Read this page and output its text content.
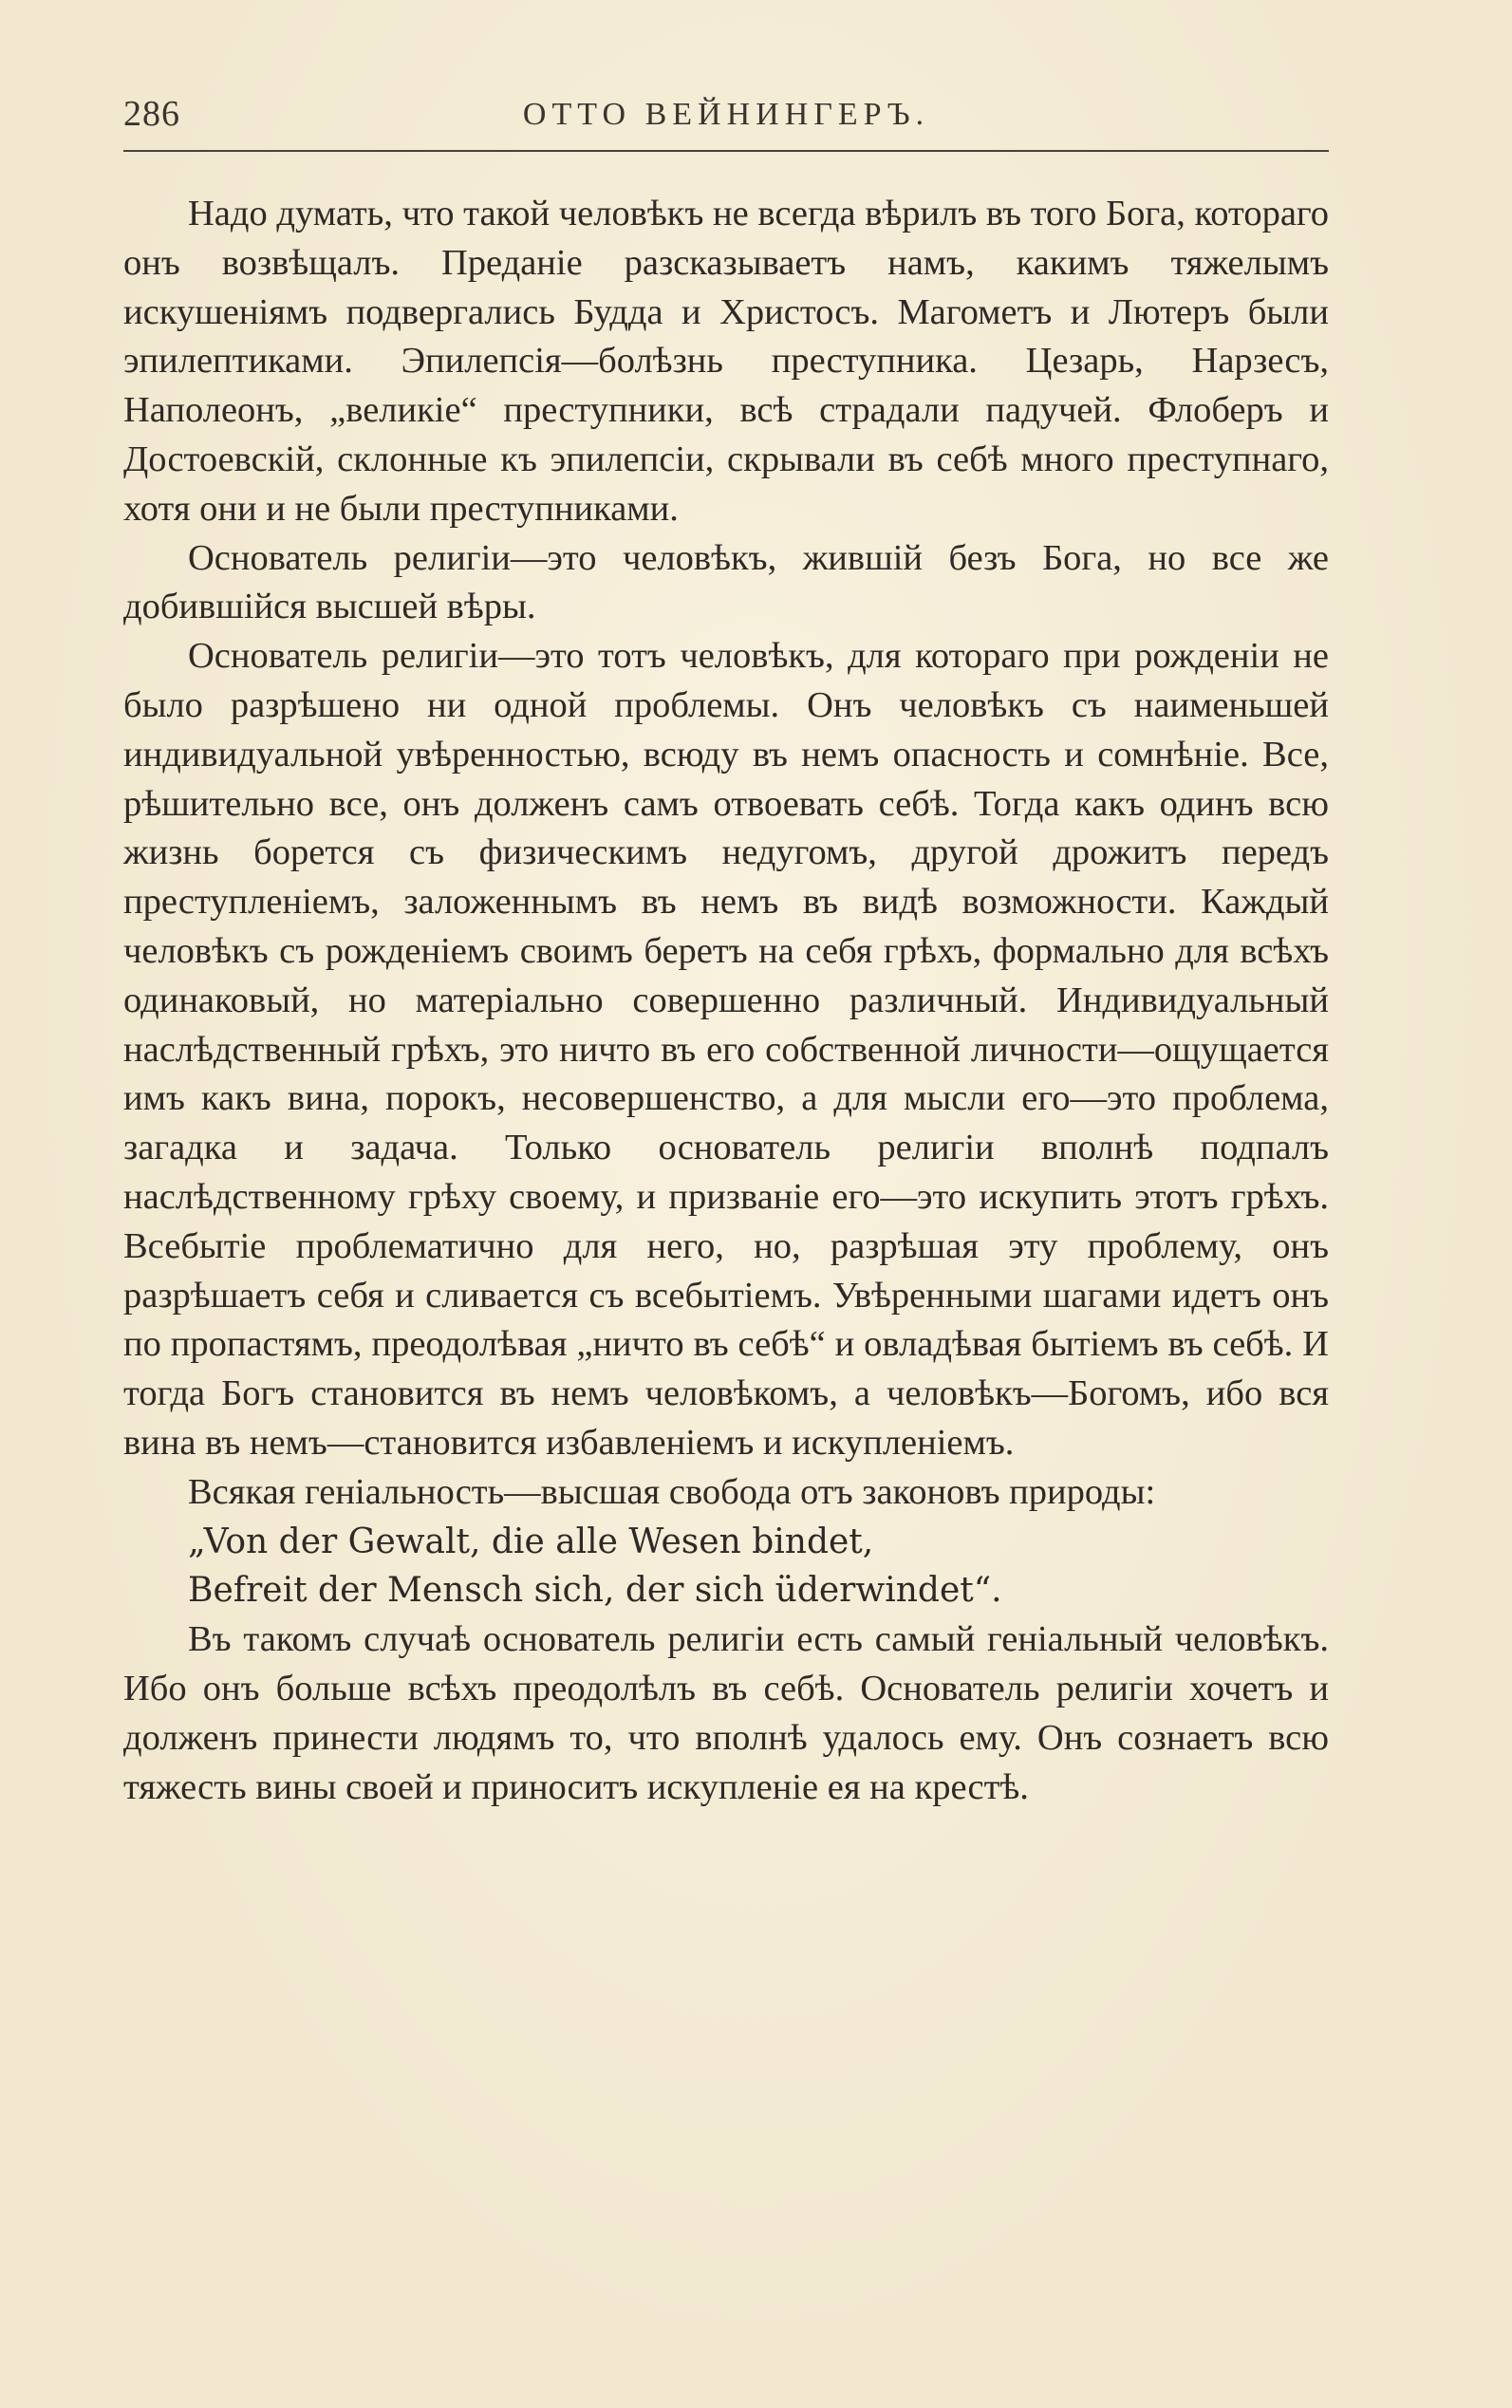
286	ОТТО ВЕЙНИНГЕРЪ.

Надо думать, что такой человѣкъ не всегда вѣрилъ въ того Бога, котораго онъ возвѣщалъ. Преданіе разсказываетъ намъ, какимъ тяжелымъ искушеніямъ подвергались Будда и Христосъ. Магометъ и Лютеръ были эпилептиками. Эпилепсія—болѣзнь преступника. Цезарь, Нарзесъ, Наполеонъ, „великіе“ преступники, всѣ страдали падучей. Флоберъ и Достоевскій, склонные къ эпилепсіи, скрывали въ себѣ много преступнаго, хотя они и не были преступниками.

Основатель религіи—это человѣкъ, жившій безъ Бога, но все же добившійся высшей вѣры.

Основатель религіи—это тотъ человѣкъ, для котораго при рожденіи не было разрѣшено ни одной проблемы. Онъ человѣкъ съ наименьшей индивидуальной увѣренностью, всюду въ немъ опасность и сомнѣніе. Все, рѣшительно все, онъ долженъ самъ отвоевать себѣ. Тогда какъ одинъ всю жизнь борется съ физическимъ недугомъ, другой дрожитъ передъ преступленіемъ, заложеннымъ въ немъ въ видѣ возможности. Каждый человѣкъ съ рожденіемъ своимъ беретъ на себя грѣхъ, формально для всѣхъ одинаковый, но матеріально совершенно различный. Индивидуальный наслѣдственный грѣхъ, это ничто въ его собственной личности—ощущается имъ какъ вина, порокъ, несовершенство, а для мысли его—это проблема, загадка и задача. Только основатель религіи вполнѣ подпалъ наслѣдственному грѣху своему, и призваніе его—это искупить этотъ грѣхъ. Всебытіе проблематично для него, но, разрѣшая эту проблему, онъ разрѣшаетъ себя и сливается съ всебытіемъ. Увѣренными шагами идетъ онъ по пропастямъ, преодолѣвая „ничто въ себѣ“ и овладѣвая бытіемъ въ себѣ. И тогда Богъ становится въ немъ человѣкомъ, а человѣкъ—Богомъ, ибо вся вина въ немъ—становится избавленіемъ и искупленіемъ.

Всякая геніальность—высшая свобода отъ законовъ природы:

„Von der Gewalt, die alle Wesen bindet,
Befreit der Mensch sich, der sich üderwindet“.

Въ такомъ случаѣ основатель религіи есть самый геніальный человѣкъ. Ибо онъ больше всѣхъ преодолѣлъ въ себѣ. Основатель религіи хочетъ и долженъ принести людямъ то, что вполнѣ удалось ему. Онъ сознаетъ всю тяжесть вины своей и приноситъ искупленіе ея на крестѣ.
